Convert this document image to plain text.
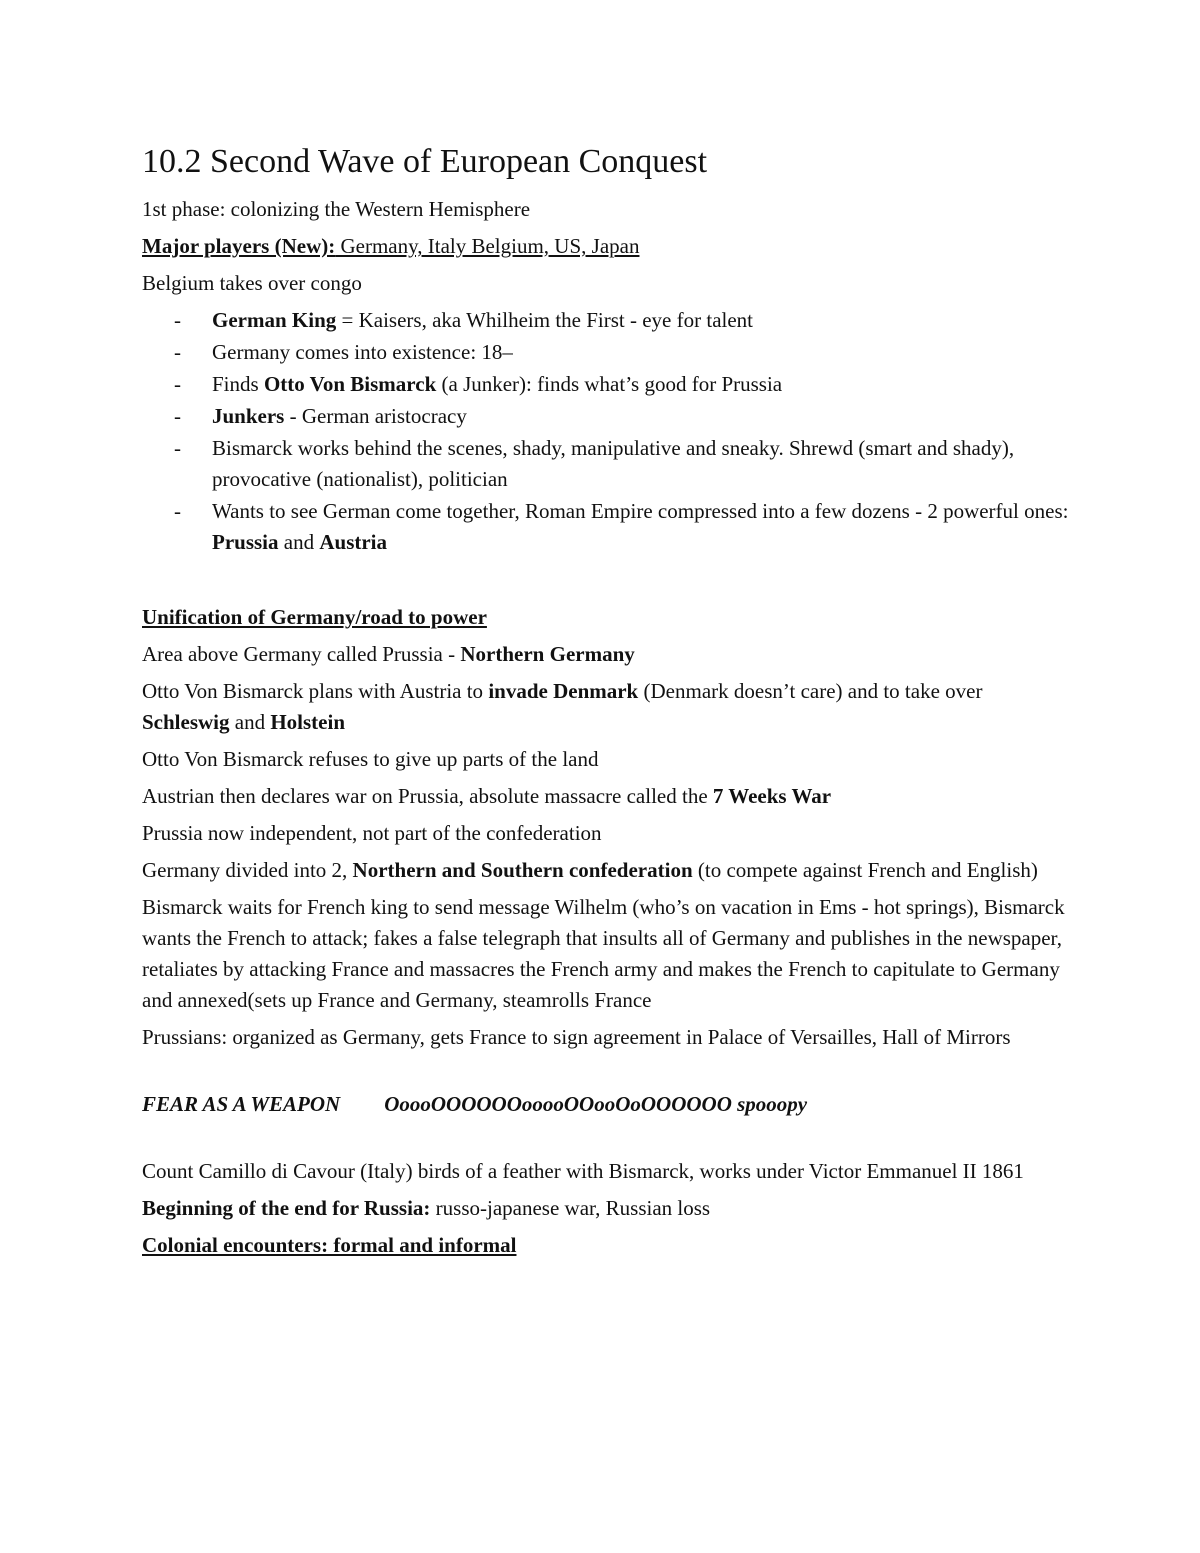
10.2 Second Wave of European Conquest

1st phase: colonizing the Western Hemisphere

Major players (New): Germany, Italy Belgium, US, Japan

Belgium takes over congo

- German King = Kaisers, aka Whilheim the First - eye for talent
- Germany comes into existence: 18–
- Finds Otto Von Bismarck (a Junker): finds what’s good for Prussia
- Junkers - German aristocracy
- Bismarck works behind the scenes, shady, manipulative and sneaky. Shrewd (smart and shady), provocative (nationalist), politician
- Wants to see German come together, Roman Empire compressed into a few dozens - 2 powerful ones: Prussia and Austria

Unification of Germany/road to power

Area above Germany called Prussia - Northern Germany

Otto Von Bismarck plans with Austria to invade Denmark (Denmark doesn’t care) and to take over Schleswig and Holstein

Otto Von Bismarck refuses to give up parts of the land

Austrian then declares war on Prussia, absolute massacre called the 7 Weeks War

Prussia now independent, not part of the confederation

Germany divided into 2, Northern and Southern confederation (to compete against French and English)

Bismarck waits for French king to send message Wilhelm (who’s on vacation in Ems - hot springs), Bismarck wants the French to attack; fakes a false telegraph that insults all of Germany and publishes in the newspaper, retaliates by attacking France and massacres the French army and makes the French to capitulate to Germany and annexed(sets up France and Germany, steamrolls France

Prussians: organized as Germany, gets France to sign agreement in Palace of Versailles, Hall of Mirrors

FEAR AS A WEAPON OoooOOOOOOooooOOooOoOOOOOO spooopy

Count Camillo di Cavour (Italy) birds of a feather with Bismarck, works under Victor Emmanuel II 1861

Beginning of the end for Russia: russo-japanese war, Russian loss

Colonial encounters: formal and informal
